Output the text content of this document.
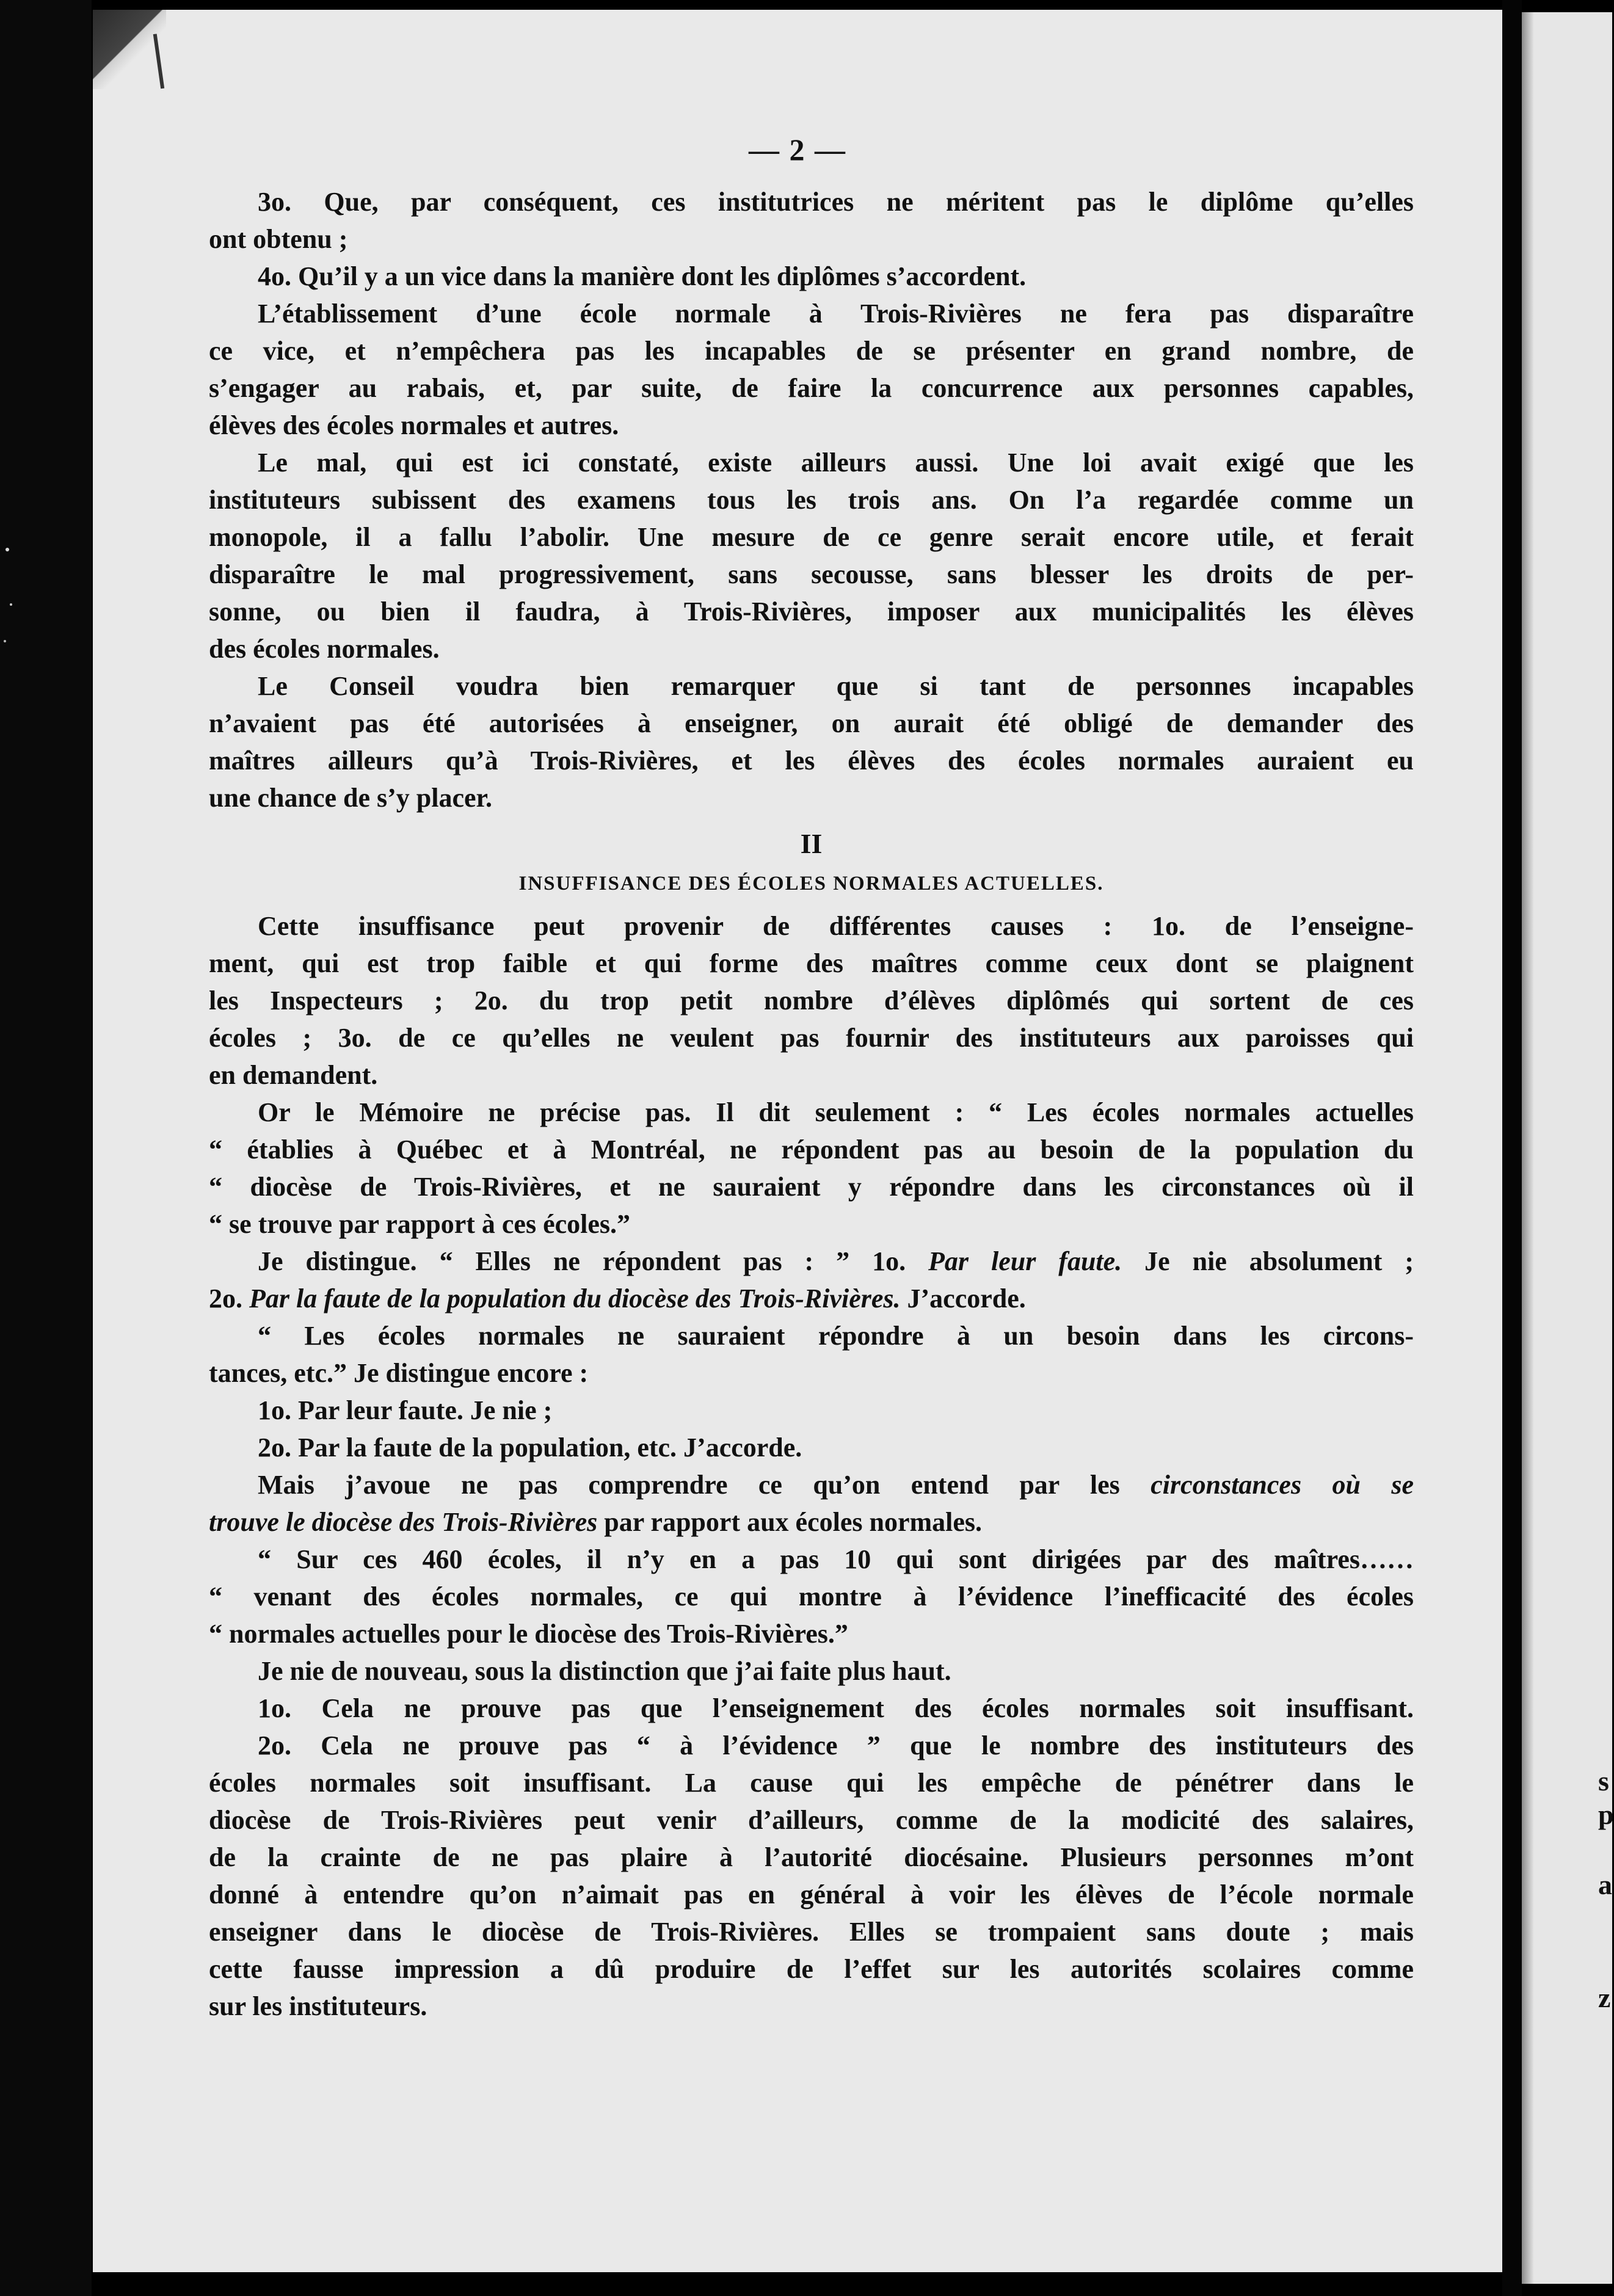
— 2 —
s
p
a
z
3o. Que, par conséquent, ces institutrices ne méritent pas le diplôme qu’elles
ont obtenu ;
4o. Qu’il y a un vice dans la manière dont les diplômes s’accordent.
L’établissement d’une école normale à Trois-Rivières ne fera pas disparaître
ce vice, et n’empêchera pas les incapables de se présenter en grand nombre, de
s’engager au rabais, et, par suite, de faire la concurrence aux personnes capables,
élèves des écoles normales et autres.
Le mal, qui est ici constaté, existe ailleurs aussi. Une loi avait exigé que les
instituteurs subissent des examens tous les trois ans. On l’a regardée comme un
monopole, il a fallu l’abolir. Une mesure de ce genre serait encore utile, et ferait
disparaître le mal progressivement, sans secousse, sans blesser les droits de per-
sonne, ou bien il faudra, à Trois-Rivières, imposer aux municipalités les élèves
des écoles normales.
Le Conseil voudra bien remarquer que si tant de personnes incapables
n’avaient pas été autorisées à enseigner, on aurait été obligé de demander des
maîtres ailleurs qu’à Trois-Rivières, et les élèves des écoles normales auraient eu
une chance de s’y placer.
II
INSUFFISANCE DES ÉCOLES NORMALES ACTUELLES.
Cette insuffisance peut provenir de différentes causes : 1o. de l’enseigne-
ment, qui est trop faible et qui forme des maîtres comme ceux dont se plaignent
les Inspecteurs ; 2o. du trop petit nombre d’élèves diplômés qui sortent de ces
écoles ; 3o. de ce qu’elles ne veulent pas fournir des instituteurs aux paroisses qui
en demandent.
Or le Mémoire ne précise pas. Il dit seulement : “ Les écoles normales actuelles
“ établies à Québec et à Montréal, ne répondent pas au besoin de la population du
“ diocèse de Trois-Rivières, et ne sauraient y répondre dans les circonstances où il
“ se trouve par rapport à ces écoles.”
Je distingue. “ Elles ne répondent pas : ” 1o. Par leur faute. Je nie absolument ;
2o. Par la faute de la population du diocèse des Trois-Rivières. J’accorde.
“ Les écoles normales ne sauraient répondre à un besoin dans les circons-
tances, etc.” Je distingue encore :
1o. Par leur faute. Je nie ;
2o. Par la faute de la population, etc. J’accorde.
Mais j’avoue ne pas comprendre ce qu’on entend par les circonstances où se
trouve le diocèse des Trois-Rivières par rapport aux écoles normales.
“ Sur ces 460 écoles, il n’y en a pas 10 qui sont dirigées par des maîtres……
“ venant des écoles normales, ce qui montre à l’évidence l’inefficacité des écoles
“ normales actuelles pour le diocèse des Trois-Rivières.”
Je nie de nouveau, sous la distinction que j’ai faite plus haut.
1o. Cela ne prouve pas que l’enseignement des écoles normales soit insuffisant.
2o. Cela ne prouve pas “ à l’évidence ” que le nombre des instituteurs des
écoles normales soit insuffisant. La cause qui les empêche de pénétrer dans le
diocèse de Trois-Rivières peut venir d’ailleurs, comme de la modicité des salaires,
de la crainte de ne pas plaire à l’autorité diocésaine. Plusieurs personnes m’ont
donné à entendre qu’on n’aimait pas en général à voir les élèves de l’école normale
enseigner dans le diocèse de Trois-Rivières. Elles se trompaient sans doute ; mais
cette fausse impression a dû produire de l’effet sur les autorités scolaires comme
sur les instituteurs.
